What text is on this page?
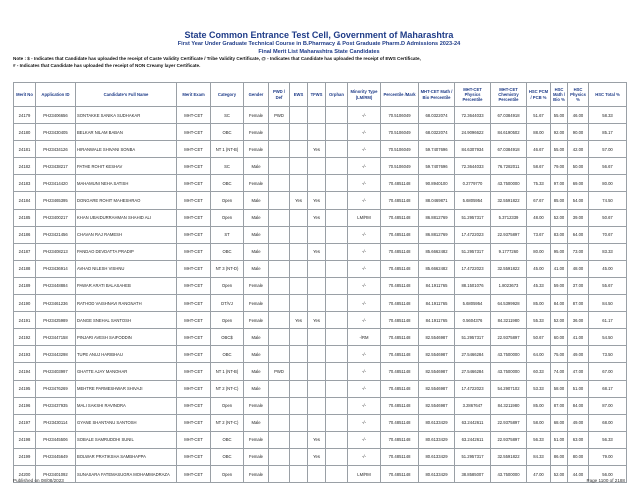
State Common Entrance Test Cell, Government of Maharashtra
First Year Under Graduate Technical Course in B.Pharmacy & Post Graduate Pharm.D Admissions 2023-24
Final Merit List Maharashtra State Candidates
Note : $ - Indicates that Candidate has uploaded the receipt of Caste Validity Certificate / Tribe Validity Certificate, @ - Indicates that Candidate has uploaded the receipt of EWS Certificate,
# - Indicates that Candidate has uploaded the receipt of NON Creamy layer Certificate.
Merit No	Application ID	Candidate's Full Name	Merit Exam	Category	Gender	PWD / Def	EWS	TFWS	Orphan	Minority Type (LM/RM)	Percentile /Mark	MHT-CET Math / Bio Percentile	MHT-CET Physics Percentile	MHT-CET Chemistry Percentile	HSC PCM / PCB %	HSC Math / Bio %	HSC Physics %	HSC Total %
24179	PH23406656	SONTAKKE SANIKA SUDHAKAR	MHT-CET	SC	Female	PWD				-/-	70.5106049	68.0322074	72.3644033	67.0384918	51.67	55.00	46.00	58.33
24180	PH23430405	BELKAR NILAM BABAN	MHT-CET	OBC	Female					-/-	70.5106049	68.0322074	24.9096622	84.6190502	88.00	92.00	90.00	85.17
24181	PH23434126	HIRANWALE SHIVANI SONBA	MHT-CET	NT 1 (NT-B)	Female			Yes		-/-	70.5106049	59.7407696	84.6307934	67.0384918	46.67	55.00	42.00	57.00
24182	PH23438217	PATHE ROHIT KESHAV	MHT-CET	SC	Male					-/-	70.5106049	59.7407696	72.3644033	76.7282011	58.67	79.00	50.00	56.67
24183	PH23414420	MAHAMUNI NEHA SATISH	MHT-CET	OBC	Female					-/-	70.4851148	90.8940100	0.2779770	43.7500000	75.33	97.00	69.00	80.00
24184	PH23465395	DONGARE ROHIT MAHESHRAO	MHT-CET	Open	Male		Yes	Yes		-/-	70.4851148	88.0469871	5.6805954	32.5591822	67.67	85.00	54.00	74.50
24185	PH23400217	KHAN UBAIDURRAHMAN SHAHID ALI	MHT-CET	Open	Male			Yes		LM/RM	70.4851148	86.8812769	51.2957317	5.3712339	48.00	52.00	39.00	50.67
24186	PH23421456	CHAVAN RAJ RAMESH	MHT-CET	ST	Male					-/-	70.4851148	86.8812769	17.4722023	22.9375897	73.67	83.00	64.00	70.67
24187	PH23408213	PANDAO DEVDATTA PRADIP	MHT-CET	OBC	Male			Yes		-/-	70.4851148	85.6662482	51.2957317	9.1777260	80.00	95.00	73.00	83.33
24188	PH23436914	AVHAD NILESH VISHNU	MHT-CET	NT 3 (NT-D)	Male					-/-	70.4851148	85.6662482	17.4722023	32.5591822	45.00	41.00	48.00	45.00
24189	PH23448884	PAWAR ARATI BALASAHEB	MHT-CET	Open	Female					-/-	70.4851148	84.1911765	88.1501076	1.8023673	45.33	59.00	37.00	55.67
24190	PH23461236	RATHOD VAISHNAVI RANGNATH	MHT-CET	DT/VJ	Female					-/-	70.4851148	84.1911765	5.6805954	64.5399928	85.00	84.00	87.00	84.50
24191	PH23425989	DANGE SNEHAL SANTOSH	MHT-CET	Open	Female		Yes	Yes		-/-	70.4851148	84.1911765	0.5604376	84.3211980	55.33	52.00	36.00	61.17
24192	PH23447158	PINJARI AVESH SAIFODDIN	MHT-CET	OBC$	Male					-/RM	70.4851148	82.5546987	51.2957317	22.9375897	50.67	60.00	41.00	54.50
24193	PH23443298	TUPE ANUJ HARIBHAU	MHT-CET	OBC	Male					-/-	70.4851148	82.5546987	27.5466284	43.7500000	64.00	75.00	49.00	73.50
24194	PH23403997	GHATTE AJAY MANOHAR	MHT-CET	NT 1 (NT-B)	Male	PWD				-/-	70.4851148	82.5546987	27.5466284	43.7500000	60.33	74.00	47.00	67.00
24195	PH23476269	MEHTRE PARMESHWAR SHIVAJI	MHT-CET	NT 2 (NT-C)	Male					-/-	70.4851148	82.5546987	17.4722023	54.2907102	53.33	58.00	51.00	68.17
24196	PH23437935	MALI SAKSHI RAVINDRA	MHT-CET	Open	Female					-/-	70.4851148	82.5546987	3.2867647	84.3211980	85.00	87.00	84.00	87.00
24197	PH23430114	GYANE SHANTANU SANTOSH	MHT-CET	NT 2 (NT-C)	Male					-/-	70.4851148	80.6133429	63.2442611	22.9375897	58.00	68.00	49.00	68.00
24198	PH23445506	SOBALE SAMRUDDHI SUNIL	MHT-CET	OBC	Female			Yes		-/-	70.4851148	80.6133429	63.2442611	22.9375897	56.33	51.00	63.00	56.33
24199	PH23445649	BOLWAR PRATIKSHA SAMBHAPPA	MHT-CET	OBC	Female			Yes		-/-	70.4851148	80.6133429	51.2957317	32.5591822	84.33	86.00	80.00	79.00
24200	PH23401092	SUNASARA FATEMASUGRA MOHAMMADRAZA	MHT-CET	Open	Female					LM/RM	70.4851148	80.6133429	38.8585007	43.7500000	47.00	52.00	44.00	56.00
Published on 08/08/2023	Page 1100 of 2188
